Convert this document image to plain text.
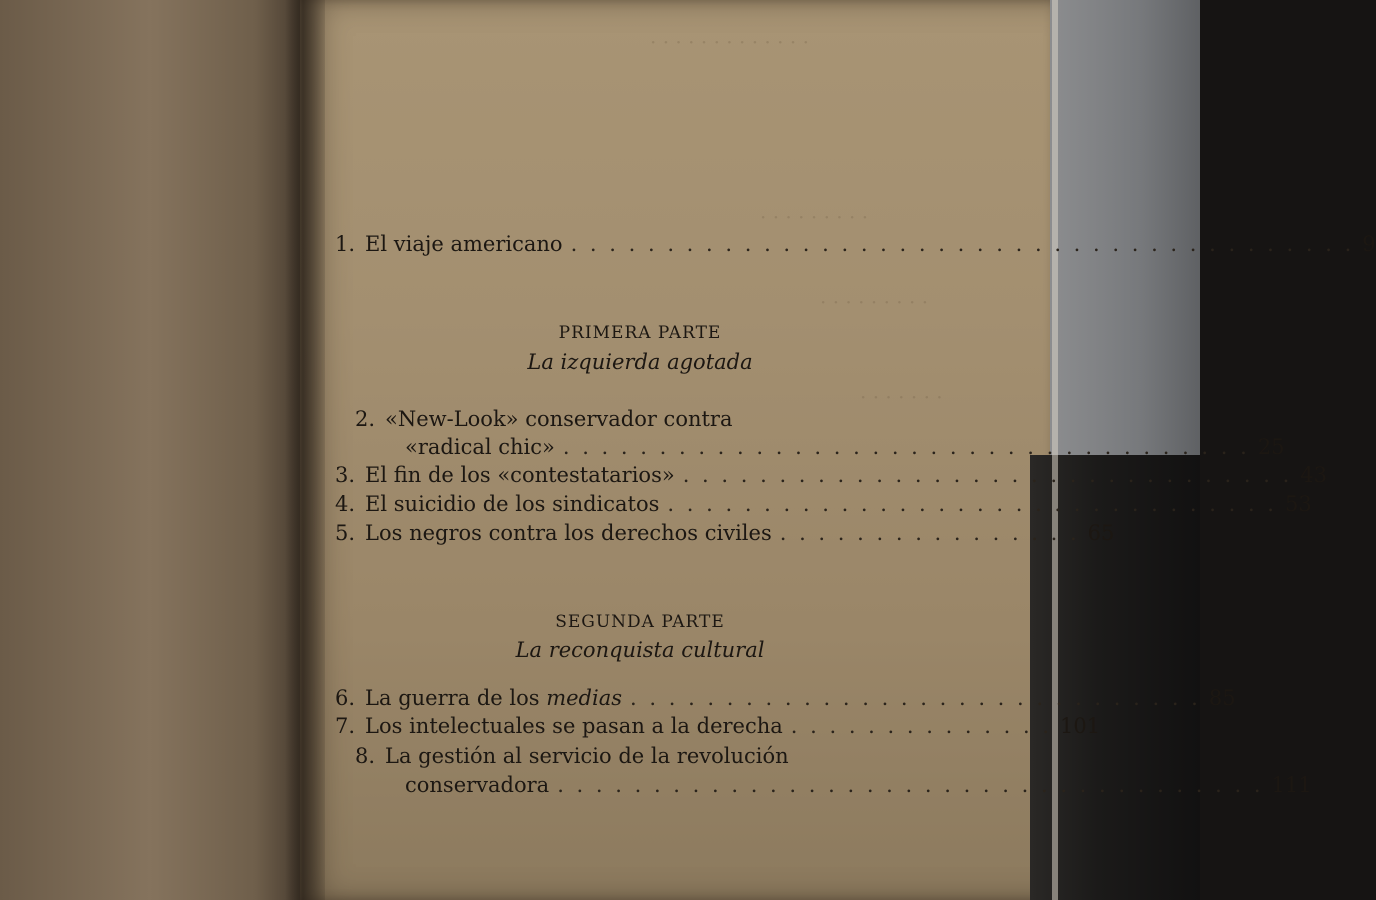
· · · · · · · · · · · · ·
· · · · · · · · ·
· · · · · · · · ·
· · · · · · ·
1. El viaje americano . . . . . . . . . . . . . . . . . . . . . . . . . . . . . . . . . . . . . . . . . 9
PRIMERA PARTE
La izquierda agotada
2. «New-Look» conservador contra
«radical chic» . . . . . . . . . . . . . . . . . . . . . . . . . . . . . . . . . . . . 25
3. El fin de los «contestatarios» . . . . . . . . . . . . . . . . . . . . . . . . . . . . . . . . 43
4. El suicidio de los sindicatos . . . . . . . . . . . . . . . . . . . . . . . . . . . . . . . . 53
5. Los negros contra los derechos civiles . . . . . . . . . . . . . . . . 65
SEGUNDA PARTE
La reconquista cultural
6. La guerra de los medias . . . . . . . . . . . . . . . . . . . . . . . . . . . . . . 85
7. Los intelectuales se pasan a la derecha . . . . . . . . . . . . . . 101
8. La gestión al servicio de la revolución
conservadora . . . . . . . . . . . . . . . . . . . . . . . . . . . . . . . . . . . . . 111
